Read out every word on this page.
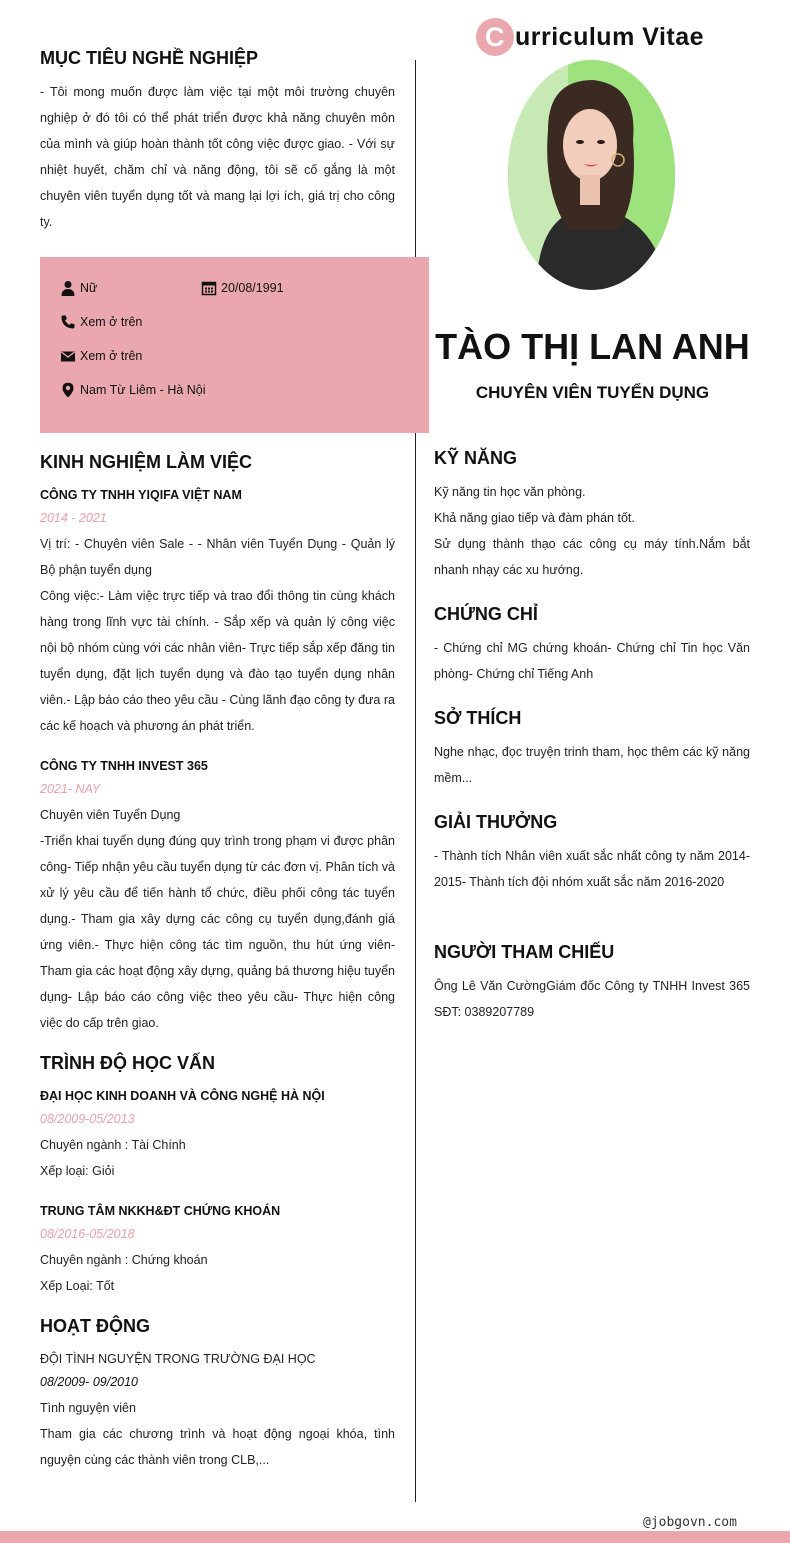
C urriculum Vitae
TÀO THỊ LAN ANH
CHUYÊN VIÊN TUYỂN DỤNG
MỤC TIÊU NGHỀ NGHIỆP

- Tôi mong muốn được làm việc tại một môi trường chuyên nghiệp ở đó tôi có thể phát triển được khả năng chuyên môn của mình và giúp hoàn thành tốt công việc được giao. - Với sự nhiệt huyết, chăm chỉ và năng động, tôi sẽ cố gắng là một chuyên viên tuyển dụng tốt và mang lại lợi ích, giá trị cho công ty.

Nữ	20/08/1991
Xem ở trên
Xem ở trên
Nam Từ Liêm - Hà Nội
KINH NGHIỆM LÀM VIỆC
CÔNG TY TNHH YIQIFA VIỆT NAM
2014 - 2021

Vị trí: - Chuyên viên Sale - - Nhân viên Tuyển Dụng - Quản lý Bộ phận tuyển dụng

Công việc:- Làm việc trực tiếp và trao đổi thông tin cùng khách hàng trong lĩnh vực tài chính. - Sắp xếp và quản lý công việc nội bộ nhóm cùng với các nhân viên- Trực tiếp sắp xếp đăng tin tuyển dụng, đặt lịch tuyển dụng và đào tạo tuyển dụng nhân viên.- Lập báo cáo theo yêu cầu - Cùng lãnh đạo công ty đưa ra các kế hoạch và phương án phát triển.

CÔNG TY TNHH INVEST 365
2021- NAY

Chuyên viên Tuyển Dụng

-Triển khai tuyển dụng đúng quy trình trong phạm vi được phân công- Tiếp nhận yêu cầu tuyển dụng từ các đơn vị. Phân tích và xử lý yêu cầu để tiến hành tổ chức, điều phối công tác tuyển dụng.- Tham gia xây dựng các công cụ tuyển dụng,đánh giá ứng viên.- Thực hiện công tác tìm nguồn, thu hút ứng viên- Tham gia các hoạt động xây dựng, quảng bá thương hiệu tuyển dụng- Lập báo cáo công việc theo yêu cầu- Thực hiện công việc do cấp trên giao.

TRÌNH ĐỘ HỌC VẤN
ĐẠI HỌC KINH DOANH VÀ CÔNG NGHỆ HÀ NỘI
08/2009-05/2013
Chuyên ngành : Tài Chính
Xếp loại: Giỏi
TRUNG TÂM NKKH&ĐT CHỨNG KHOÁN
08/2016-05/2018
Chuyên ngành : Chứng khoán
Xếp Loại: Tốt
HOẠT ĐỘNG
ĐỘI TÌNH NGUYỆN TRONG TRƯỜNG ĐẠI HỌC
08/2009- 09/2010
Tình nguyện viên

Tham gia các chương trình và hoạt động ngoại khóa, tình nguyện cùng các thành viên trong CLB,...

KỸ NĂNG

Kỹ năng tin học văn phòng.

Khả năng giao tiếp và đàm phán tốt.

Sử dụng thành thạo các công cụ máy tính.Nắm bắt nhanh nhạy các xu hướng.

CHỨNG CHỈ

- Chứng chỉ MG chứng khoán- Chứng chỉ Tin học Văn phòng- Chứng chỉ Tiếng Anh

SỞ THÍCH

Nghe nhạc, đọc truyện trinh tham, học thêm các kỹ năng mềm...

GIẢI THƯỞNG

- Thành tích Nhân viên xuất sắc nhất công ty năm 2014-2015- Thành tích đội nhóm xuất sắc năm 2016-2020

NGƯỜI THAM CHIẾU

Ông Lê Văn CườngGiám đốc Công ty TNHH Invest 365 SĐT: 0389207789

@jobgovn.com
